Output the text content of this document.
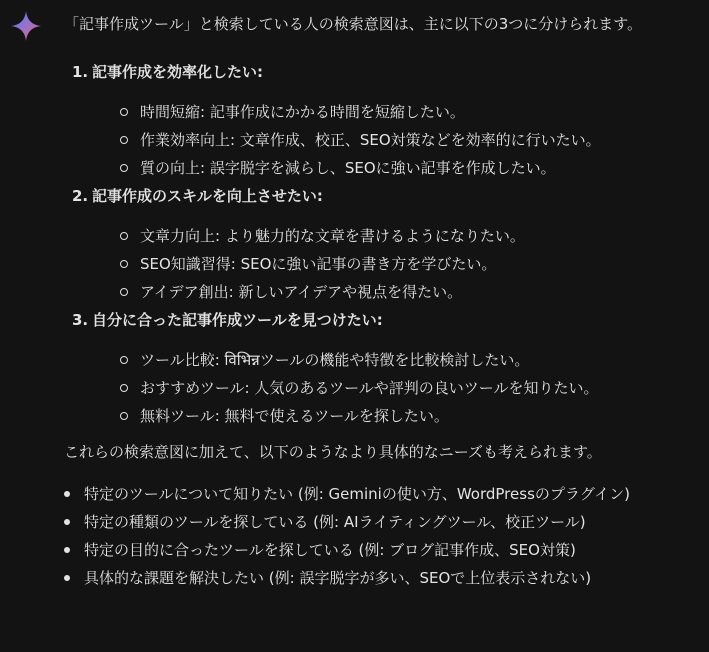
「記事作成ツール」と検索している人の検索意図は、主に以下の3つに分けられます。

1. 記事作成を効率化したい:

時間短縮: 記事作成にかかる時間を短縮したい。
作業効率向上: 文章作成、校正、SEO対策などを効率的に行いたい。
質の向上: 誤字脱字を減らし、SEOに強い記事を作成したい。
2. 記事作成のスキルを向上させたい:

文章力向上: より魅力的な文章を書けるようになりたい。
SEO知識習得: SEOに強い記事の書き方を学びたい。
アイデア創出: 新しいアイデアや視点を得たい。
3. 自分に合った記事作成ツールを見つけたい:

ツール比較: विभिन्नツールの機能や特徴を比較検討したい。
おすすめツール: 人気のあるツールや評判の良いツールを知りたい。
無料ツール: 無料で使えるツールを探したい。

これらの検索意図に加えて、以下のようなより具体的なニーズも考えられます。

特定のツールについて知りたい (例: Geminiの使い方、WordPressのプラグイン)
特定の種類のツールを探している (例: AIライティングツール、校正ツール)
特定の目的に合ったツールを探している (例: ブログ記事作成、SEO対策)
具体的な課題を解決したい (例: 誤字脱字が多い、SEOで上位表示されない)
